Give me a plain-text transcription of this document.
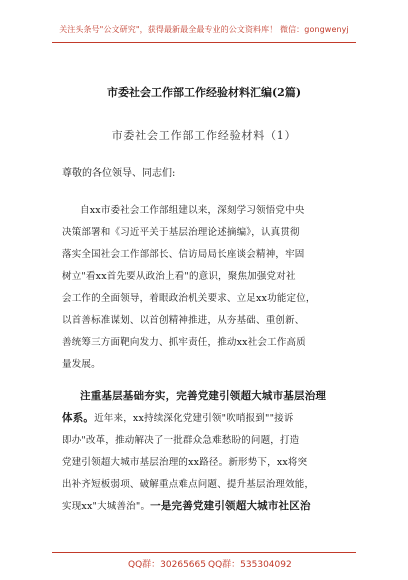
关注头条号"公文研究"，获得最新最全最专业的公文资料库！ 微信：gongwenyj
市委社会工作部工作经验材料汇编(2篇)
市委社会工作部工作经验材料（1）
尊敬的各位领导、同志们:
自xx市委社会工作部组建以来，深刻学习领悟党中央
决策部署和《习近平关于基层治理论述摘编》，认真贯彻
落实全国社会工作部部长、信访局局长座谈会精神，牢固
树立"看xx首先要从政治上看"的意识，聚焦加强党对社
会工作的全面领导，着眼政治机关要求、立足xx功能定位，
以首善标准谋划、以首创精神推进，从夯基础、重创新、
善统筹三方面靶向发力、抓牢责任，推动xx社会工作高质
量发展。
注重基层基础夯实，完善党建引领超大城市基层治理
体系。近年来，xx持续深化党建引领"吹哨报到""接诉
即办"改革，推动解决了一批群众急难愁盼的问题，打造
党建引领超大城市基层治理的xx路径。新形势下，xx将突
出补齐短板弱项、破解重点难点问题、提升基层治理效能，
实现xx"大城善治"。一是完善党建引领超大城市社区治
QQ群：30265665 QQ群：535304092
